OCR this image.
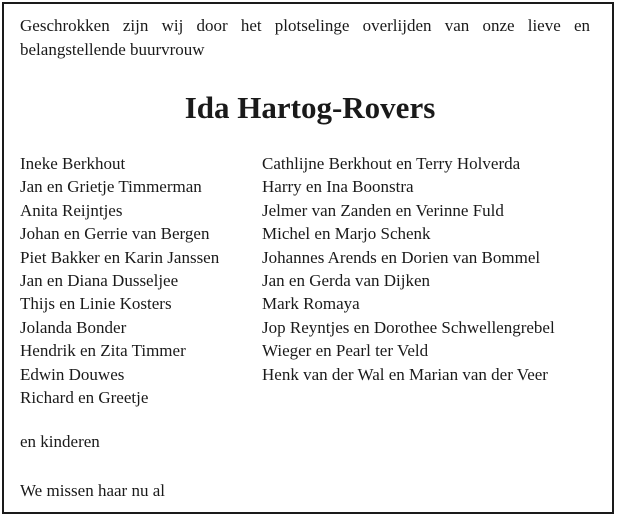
Geschrokken zijn wij door het plotselinge overlijden van onze lieve en belangstellende buurvrouw
Ida Hartog-Rovers
Ineke Berkhout
Jan en Grietje Timmerman
Anita Reijntjes
Johan en Gerrie van Bergen
Piet Bakker en Karin Janssen
Jan en Diana Dusseljee
Thijs en Linie Kosters
Jolanda Bonder
Hendrik en Zita Timmer
Edwin Douwes
Richard en Greetje
Cathlijne Berkhout en Terry Holverda
Harry en Ina Boonstra
Jelmer van Zanden en Verinne Fuld
Michel en Marjo Schenk
Johannes Arends en Dorien van Bommel
Jan en Gerda van Dijken
Mark Romaya
Jop Reyntjes en Dorothee Schwellengrebel
Wieger en Pearl ter Veld
Henk van der Wal en Marian van der Veer
en kinderen
We missen haar nu al
